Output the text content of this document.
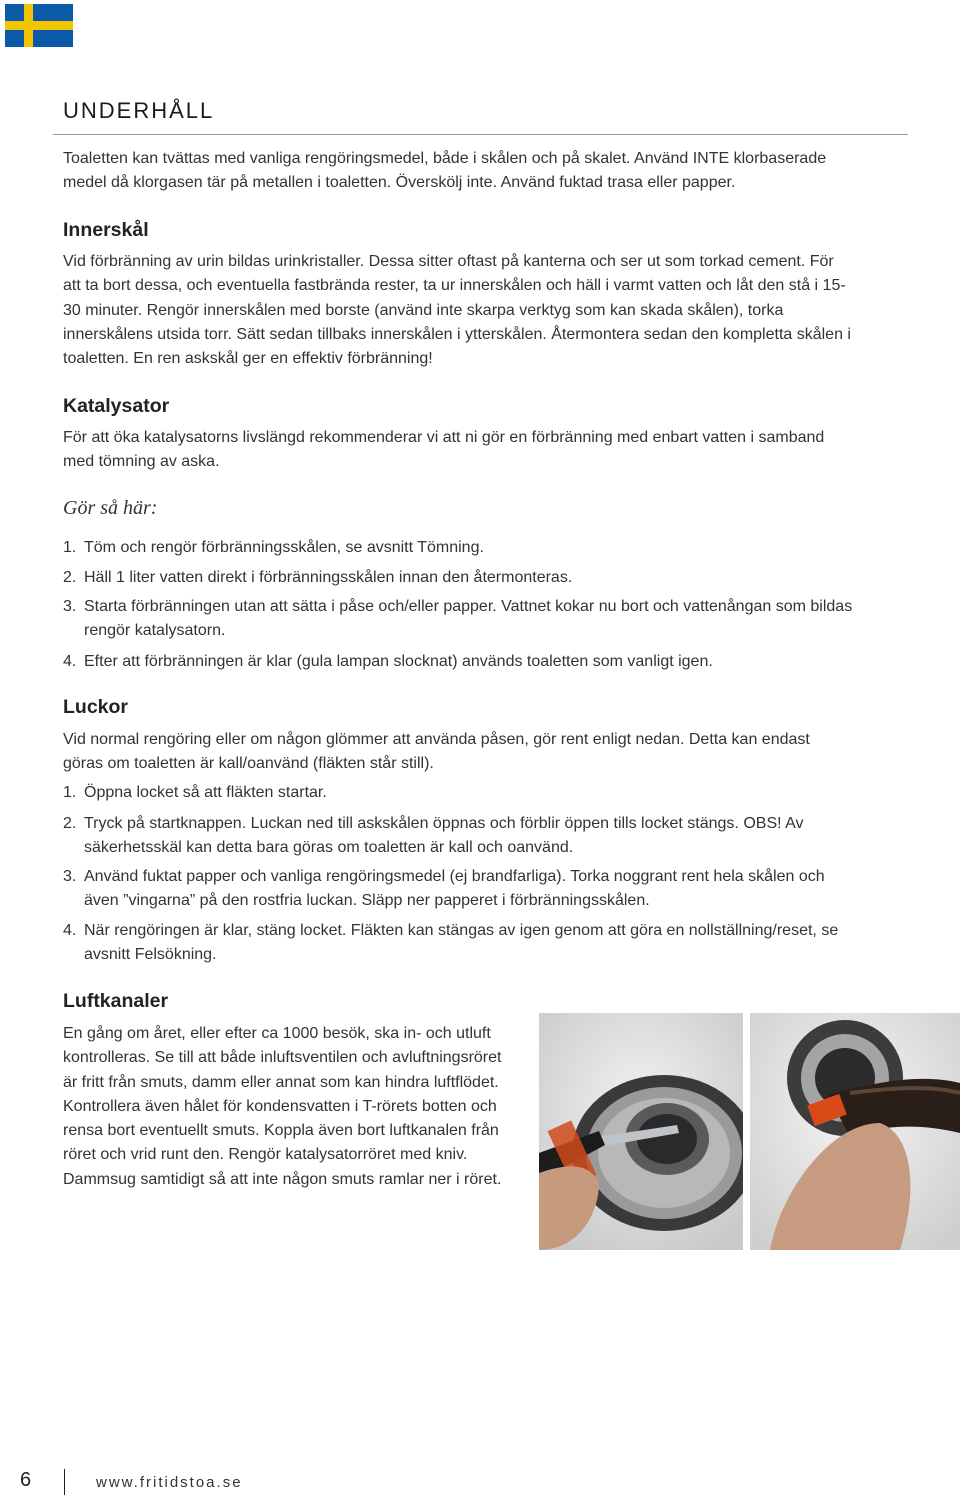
UNDERHÅLL

Toaletten kan tvättas med vanliga rengöringsmedel, både i skålen och på skalet. Använd INTE klorbaserade medel då klorgasen tär på metallen i toaletten. Överskölj inte. Använd fuktad trasa eller papper.

Innerskål

Vid förbränning av urin bildas urinkristaller. Dessa sitter oftast på kanterna och ser ut som torkad cement. För att ta bort dessa, och eventuella fastbrända rester, ta ur innerskålen och häll i varmt vatten och låt den stå i 15-30 minuter. Rengör innerskålen med borste (använd inte skarpa verktyg som kan skada skålen), torka innerskålens utsida torr. Sätt sedan tillbaks innerskålen i ytterskålen. Återmontera sedan den kompletta skålen i toaletten. En ren askskål ger en effektiv förbränning!

Katalysator

För att öka katalysatorns livslängd rekommenderar vi att ni gör en förbränning med enbart vatten i samband med tömning av aska.

Gör så här:
1. Töm och rengör förbränningsskålen, se avsnitt Tömning.
2. Häll 1 liter vatten direkt i förbränningsskålen innan den återmonteras.
3. Starta förbränningen utan att sätta i påse och/eller papper. Vattnet kokar nu bort och vattenångan som bildas rengör katalysatorn.
4. Efter att förbränningen är klar (gula lampan slocknat) används toaletten som vanligt igen.
Luckor

Vid normal rengöring eller om någon glömmer att använda påsen, gör rent enligt nedan. Detta kan endast göras om toaletten är kall/oanvänd (fläkten står still).

1. Öppna locket så att fläkten startar.
2. Tryck på startknappen. Luckan ned till askskålen öppnas och förblir öppen tills locket stängs. OBS! Av säkerhetsskäl kan detta bara göras om toaletten är kall och oanvänd.
3. Använd fuktat papper och vanliga rengöringsmedel (ej brandfarliga). Torka noggrant rent hela skålen och även ”vingarna” på den rostfria luckan. Släpp ner papperet i förbränningsskålen.
4. När rengöringen är klar, stäng locket. Fläkten kan stängas av igen genom att göra en nollställning/reset, se avsnitt Felsökning.
Luftkanaler

En gång om året, eller efter ca 1000 besök, ska in- och utluft kontrolleras. Se till att både inluftsventilen och avluftningsröret är fritt från smuts, damm eller annat som kan hindra luftflödet. Kontrollera även hålet för kondensvatten i T-rörets botten och rensa bort eventuellt smuts. Koppla även bort luftkanalen från röret och vrid runt den. Rengör katalysatorröret med kniv. Dammsug samtidigt så att inte någon smuts ramlar ner i röret.

6	www.fritidstoa.se
